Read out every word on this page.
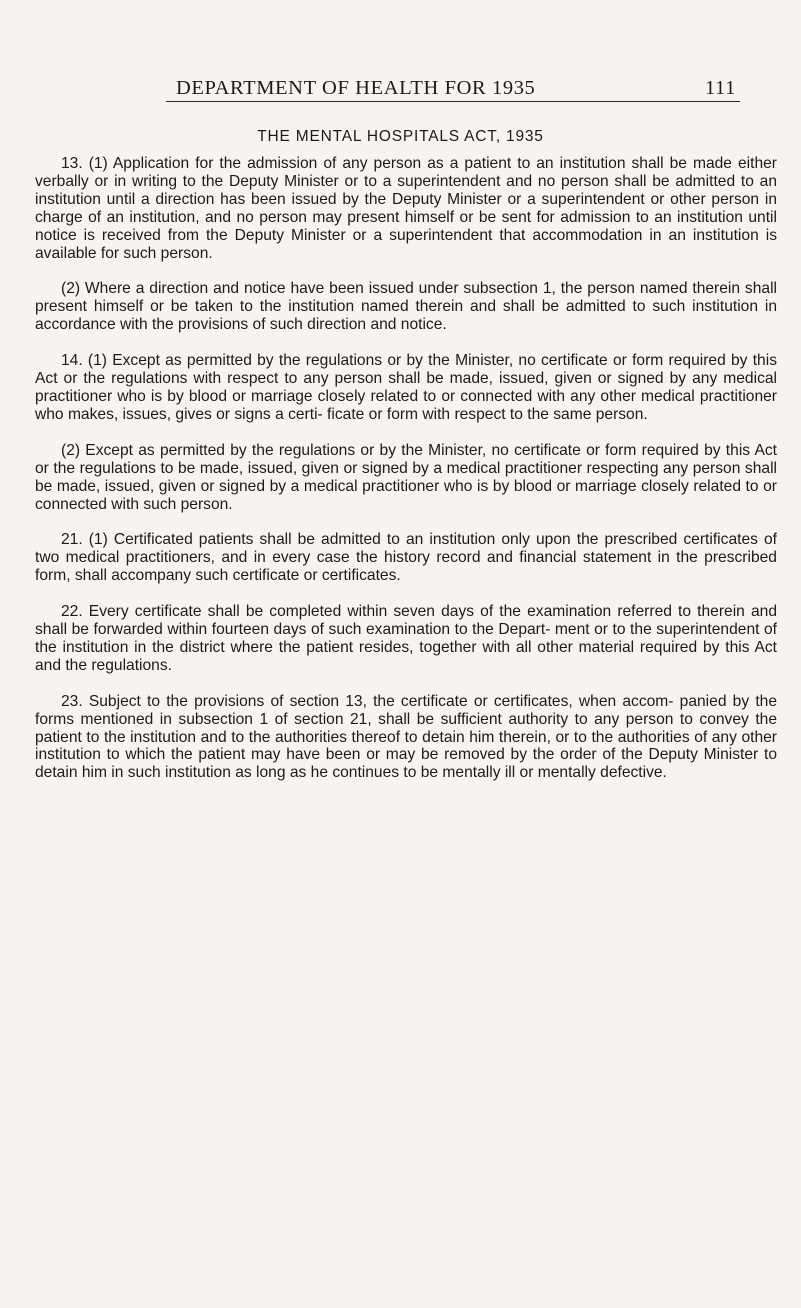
DEPARTMENT OF HEALTH FOR 1935	111
THE MENTAL HOSPITALS ACT, 1935

13. (1) Application for the admission of any person as a patient to an institution shall be made either verbally or in writing to the Deputy Minister or to a superintendent and no person shall be admitted to an institution until a direction has been issued by the Deputy Minister or a superintendent or other person in charge of an institution, and no person may present himself or be sent for admission to an institution until notice is received from the Deputy Minister or a superintendent that accommodation in an institution is available for such person.

(2) Where a direction and notice have been issued under subsection 1, the person named therein shall present himself or be taken to the institution named therein and shall be admitted to such institution in accordance with the provisions of such direction and notice.

14. (1) Except as permitted by the regulations or by the Minister, no certificate or form required by this Act or the regulations with respect to any person shall be made, issued, given or signed by any medical practitioner who is by blood or marriage closely related to or connected with any other medical practitioner who makes, issues, gives or signs a certi- ficate or form with respect to the same person.

(2) Except as permitted by the regulations or by the Minister, no certificate or form required by this Act or the regulations to be made, issued, given or signed by a medical practitioner respecting any person shall be made, issued, given or signed by a medical practitioner who is by blood or marriage closely related to or connected with such person.

21. (1) Certificated patients shall be admitted to an institution only upon the prescribed certificates of two medical practitioners, and in every case the history record and financial statement in the prescribed form, shall accompany such certificate or certificates.

22. Every certificate shall be completed within seven days of the examination referred to therein and shall be forwarded within fourteen days of such examination to the Depart- ment or to the superintendent of the institution in the district where the patient resides, together with all other material required by this Act and the regulations.

23. Subject to the provisions of section 13, the certificate or certificates, when accom- panied by the forms mentioned in subsection 1 of section 21, shall be sufficient authority to any person to convey the patient to the institution and to the authorities thereof to detain him therein, or to the authorities of any other institution to which the patient may have been or may be removed by the order of the Deputy Minister to detain him in such institution as long as he continues to be mentally ill or mentally defective.
